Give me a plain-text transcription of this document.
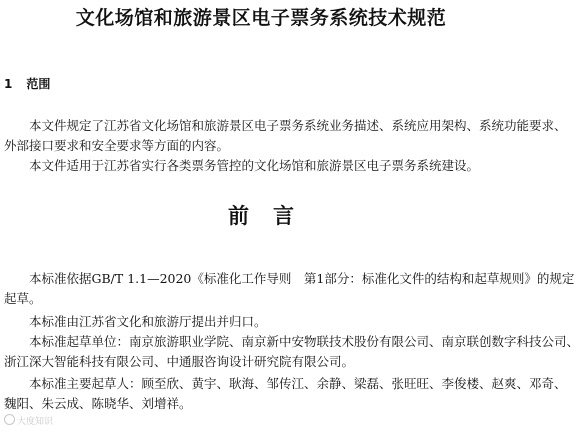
文化场馆和旅游景区电子票务系统技术规范
1 范围

本文件规定了江苏省文化场馆和旅游景区电子票务系统业务描述、系统应用架构、系统功能要求、
外部接口要求和安全要求等方面的内容。

本文件适用于江苏省实行各类票务管控的文化场馆和旅游景区电子票务系统建设。

前言

本标准依据GB/T 1.1—2020《标准化工作导则　第1部分：标准化文件的结构和起草规则》的规定
起草。

本标准由江苏省文化和旅游厅提出并归口。

本标准起草单位：南京旅游职业学院、南京新中安物联技术股份有限公司、南京联创数字科技公司、
浙江深大智能科技有限公司、中通服咨询设计研究院有限公司。

本标准主要起草人：顾至欣、黄宇、耿海、邹传江、余静、梁磊、张旺旺、李俊楼、赵爽、邓奇、
魏阳、朱云成、陈晓华、刘增祥。

大度知识
